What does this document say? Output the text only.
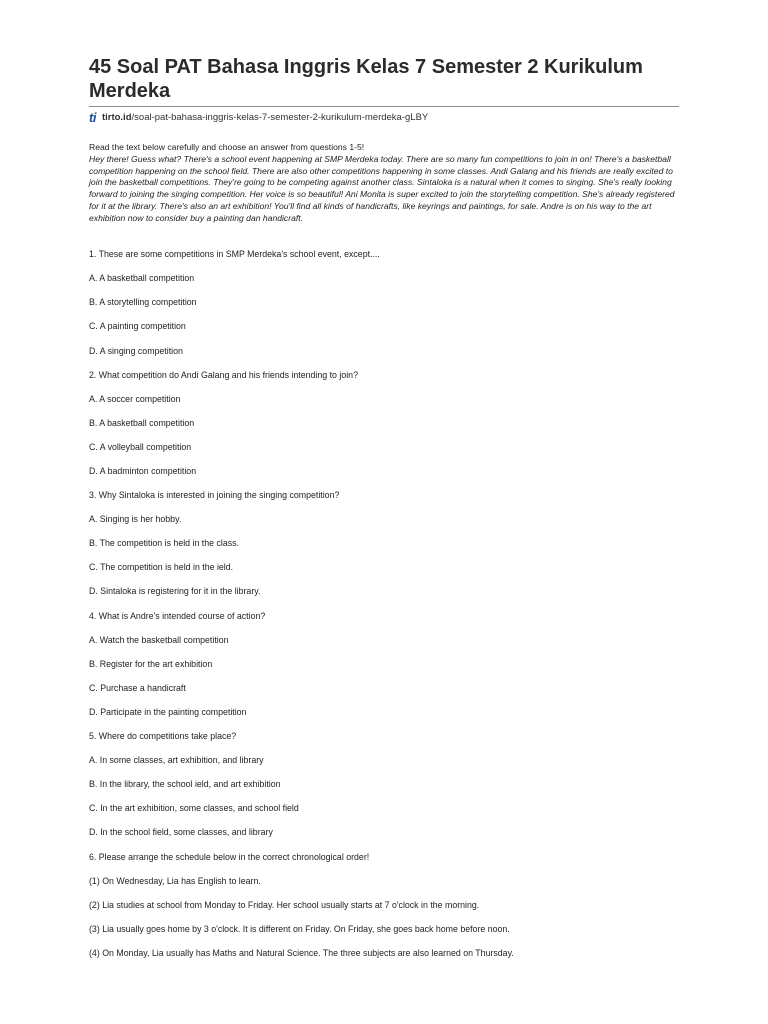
45 Soal PAT Bahasa Inggris Kelas 7 Semester 2 Kurikulum Merdeka
ti tirto.id /soal-pat-bahasa-inggris-kelas-7-semester-2-kurikulum-merdeka-gLBY
Read the text below carefully and choose an answer from questions 1-5!
Hey there! Guess what? There's a school event happening at SMP Merdeka today. There are so many fun competitions to join in on! There's a basketball competition happening on the school field. There are also other competitions happening in some classes. Andi Galang and his friends are really excited to join the basketball competitions. They're going to be competing against another class. Sintaloka is a natural when it comes to singing. She's really looking forward to joining the singing competition. Her voice is so beautiful! Ani Monita is super excited to join the storytelling competition. She's already registered for it at the library. There's also an art exhibition! You'll find all kinds of handicrafts, like keyrings and paintings, for sale. Andre is on his way to the art exhibition now to consider buy a painting dan handicraft.
1. These are some competitions in SMP Merdeka's school event, except....
A. A basketball competition
B. A storytelling competition
C. A painting competition
D. A singing competition
2. What competition do Andi Galang and his friends intending to join?
A. A soccer competition
B. A basketball competition
C. A volleyball competition
D. A badminton competition
3. Why Sintaloka is interested in joining the singing competition?
A. Singing is her hobby.
B. The competition is held in the class.
C. The competition is held in the ield.
D. Sintaloka is registering for it in the library.
4. What is Andre's intended course of action?
A. Watch the basketball competition
B. Register for the art exhibition
C. Purchase a handicraft
D. Participate in the painting competition
5. Where do competitions take place?
A. In some classes, art exhibition, and library
B. In the library, the school ield, and art exhibition
C. In the art exhibition, some classes, and school field
D. In the school field, some classes, and library
6. Please arrange the schedule below in the correct chronological order!
(1) On Wednesday, Lia has English to learn.
(2) Lia studies at school from Monday to Friday. Her school usually starts at 7 o'clock in the morning.
(3) Lia usually goes home by 3 o'clock. It is different on Friday. On Friday, she goes back home before noon.
(4) On Monday, Lia usually has Maths and Natural Science. The three subjects are also learned on Thursday.
